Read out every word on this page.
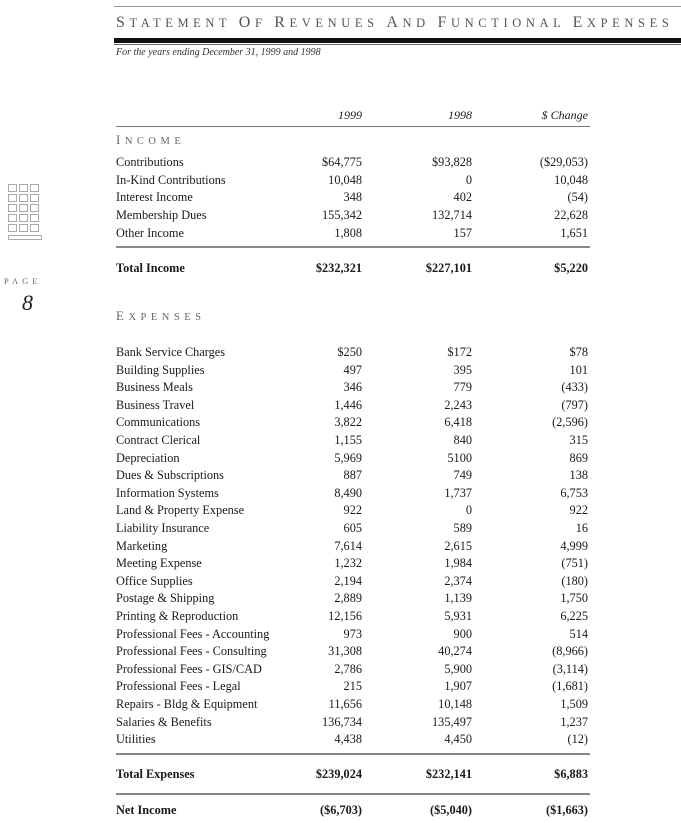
STATEMENT OF REVENUES AND FUNCTIONAL EXPENSES
For the years ending December 31, 1999 and 1998
PAGE
8
1999	1998	$ Change
INCOME
Contributions	$64,775	$93,828	($29,053)
In-Kind Contributions	10,048	0	10,048
Interest Income	348	402	(54)
Membership Dues	155,342	132,714	22,628
Other Income	1,808	157	1,651
Total Income	$232,321	$227,101	$5,220
EXPENSES
Bank Service Charges	$250	$172	$78
Building Supplies	497	395	101
Business Meals	346	779	(433)
Business Travel	1,446	2,243	(797)
Communications	3,822	6,418	(2,596)
Contract Clerical	1,155	840	315
Depreciation	5,969	5100	869
Dues & Subscriptions	887	749	138
Information Systems	8,490	1,737	6,753
Land & Property Expense	922	0	922
Liability Insurance	605	589	16
Marketing	7,614	2,615	4,999
Meeting Expense	1,232	1,984	(751)
Office Supplies	2,194	2,374	(180)
Postage & Shipping	2,889	1,139	1,750
Printing & Reproduction	12,156	5,931	6,225
Professional Fees - Accounting	973	900	514
Professional Fees - Consulting	31,308	40,274	(8,966)
Professional Fees - GIS/CAD	2,786	5,900	(3,114)
Professional Fees - Legal	215	1,907	(1,681)
Repairs - Bldg & Equipment	11,656	10,148	1,509
Salaries & Benefits	136,734	135,497	1,237
Utilities	4,438	4,450	(12)
Total Expenses	$239,024	$232,141	$6,883
Net Income	($6,703)	($5,040)	($1,663)
